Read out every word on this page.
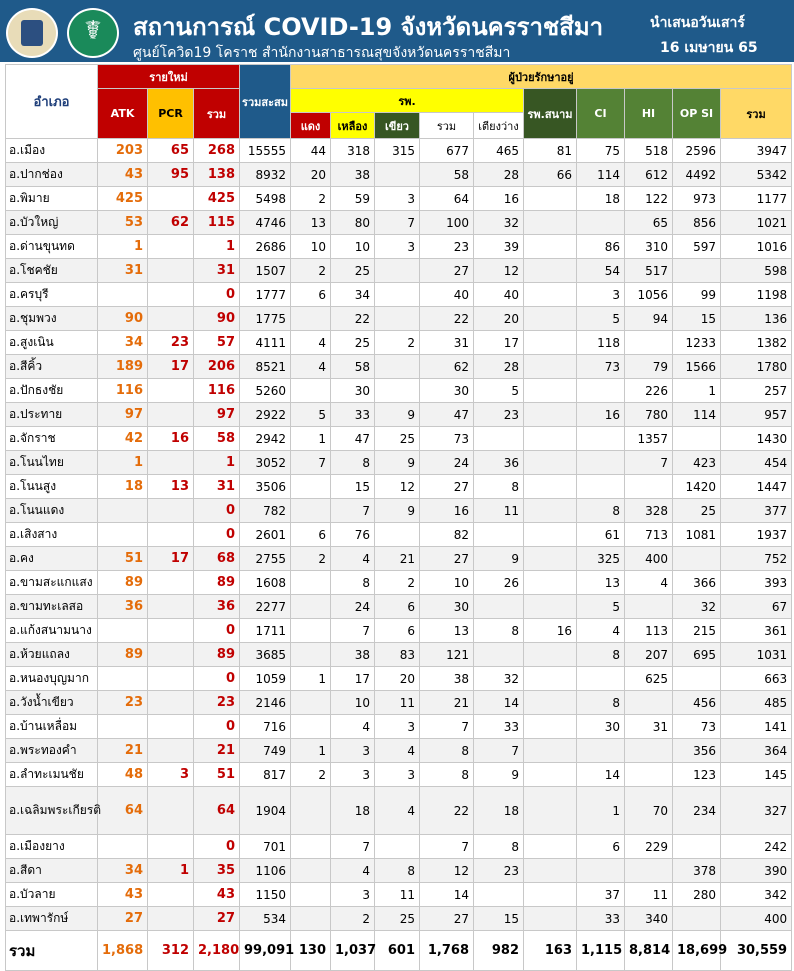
☤
สถานการณ์ COVID-19 จังหวัดนครราชสีมา
ศูนย์โควิด19 โคราช สำนักงานสาธารณสุขจังหวัดนครราชสีมา
นำเสนอวันเสาร์
16 เมษายน 65
อำเภอ	รายใหม่			รวมสะสม	ผู้ป่วยรักษาอยู่									
	ATK	PCR	รวม		รพ.					รพ.สนาม	CI	HI	OP SI	รวม
					แดง	เหลือง	เขียว	รวม	เตียงว่าง					
อ.เมือง	203	65	268	15555	44	318	315	677	465	81	75	518	2596	3947
อ.ปากช่อง	43	95	138	8932	20	38		58	28	66	114	612	4492	5342
อ.พิมาย	425		425	5498	2	59	3	64	16		18	122	973	1177
อ.บัวใหญ่	53	62	115	4746	13	80	7	100	32			65	856	1021
อ.ด่านขุนทด	1		1	2686	10	10	3	23	39		86	310	597	1016
อ.โชคชัย	31		31	1507	2	25		27	12		54	517		598
อ.ครบุรี			0	1777	6	34		40	40		3	1056	99	1198
อ.ชุมพวง	90		90	1775		22		22	20		5	94	15	136
อ.สูงเนิน	34	23	57	4111	4	25	2	31	17		118		1233	1382
อ.สีคิ้ว	189	17	206	8521	4	58		62	28		73	79	1566	1780
อ.ปักธงชัย	116		116	5260		30		30	5			226	1	257
อ.ประทาย	97		97	2922	5	33	9	47	23		16	780	114	957
อ.จักราช	42	16	58	2942	1	47	25	73				1357		1430
อ.โนนไทย	1		1	3052	7	8	9	24	36			7	423	454
อ.โนนสูง	18	13	31	3506		15	12	27	8				1420	1447
อ.โนนแดง			0	782		7	9	16	11		8	328	25	377
อ.เสิงสาง			0	2601	6	76		82			61	713	1081	1937
อ.คง	51	17	68	2755	2	4	21	27	9		325	400		752
อ.ขามสะแกแสง	89		89	1608		8	2	10	26		13	4	366	393
อ.ขามทะเลสอ	36		36	2277		24	6	30			5		32	67
อ.แก้งสนามนาง			0	1711		7	6	13	8	16	4	113	215	361
อ.ห้วยแถลง	89		89	3685		38	83	121			8	207	695	1031
อ.หนองบุญมาก			0	1059	1	17	20	38	32			625		663
อ.วังน้ำเขียว	23		23	2146		10	11	21	14		8		456	485
อ.บ้านเหลื่อม			0	716		4	3	7	33		30	31	73	141
อ.พระทองคำ	21		21	749	1	3	4	8	7				356	364
อ.ลำทะเมนชัย	48	3	51	817	2	3	3	8	9		14		123	145
อ.เฉลิมพระเกียรติ	64		64	1904		18	4	22	18		1	70	234	327
อ.เมืองยาง			0	701		7		7	8		6	229		242
อ.สีดา	34	1	35	1106		4	8	12	23				378	390
อ.บัวลาย	43		43	1150		3	11	14			37	11	280	342
อ.เทพารักษ์	27		27	534		2	25	27	15		33	340		400
รวม	1,868	312	2,180	99,091	130	1,037	601	1,768	982	163	1,115	8,814	18,699	30,559
